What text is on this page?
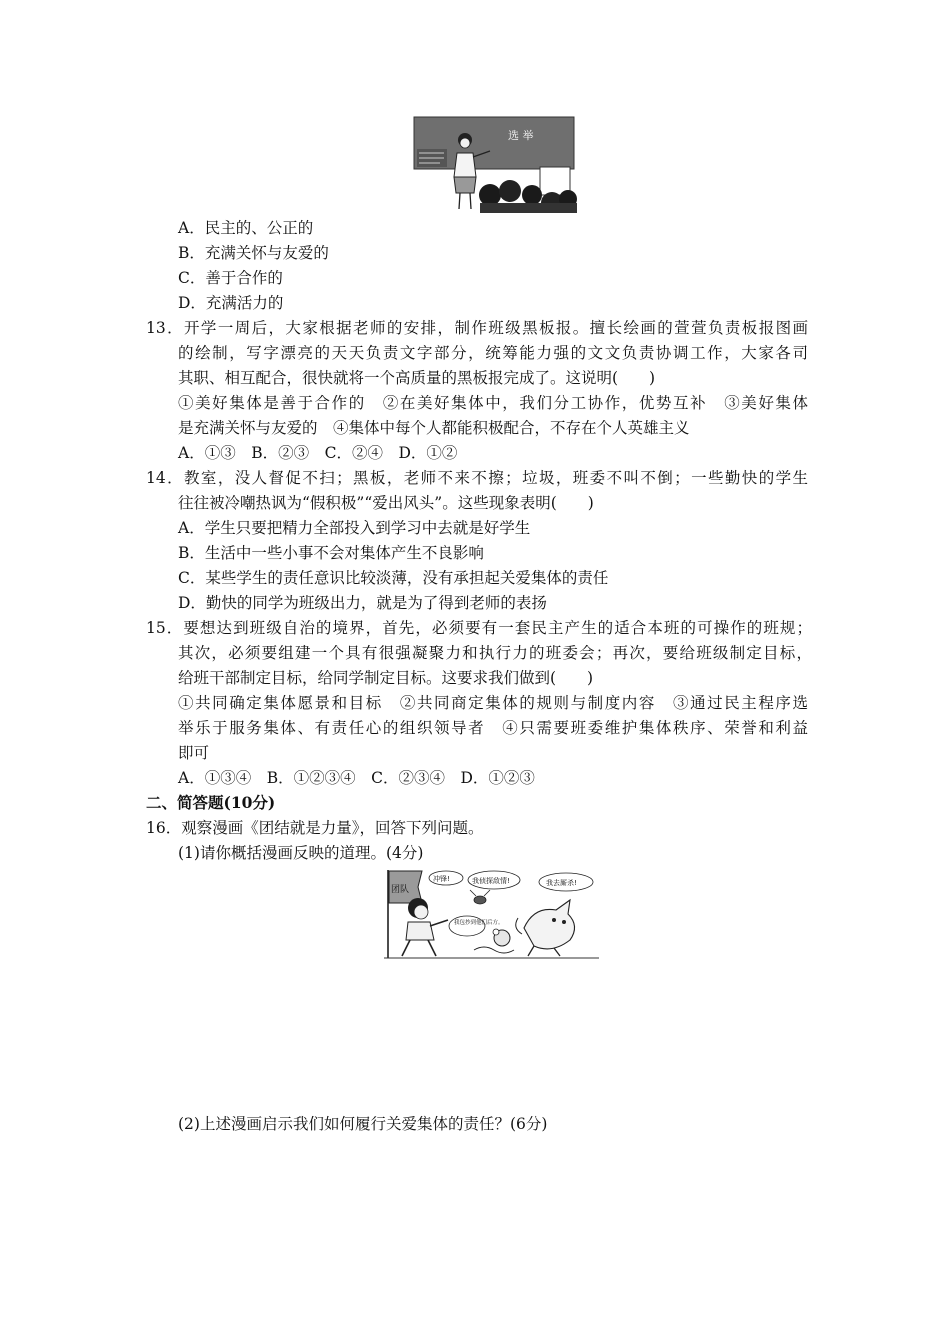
选 举
A．民主的、公正的
B．充满关怀与友爱的
C．善于合作的
D．充满活力的
13．开学一周后，大家根据老师的安排，制作班级黑板报。擅长绘画的萱萱负责板报图画
的绘制，写字漂亮的天天负责文字部分，统筹能力强的文文负责协调工作，大家各司
其职、相互配合，很快就将一个高质量的黑板报完成了。这说明(　　)
①美好集体是善于合作的　②在美好集体中，我们分工协作，优势互补　③美好集体
是充满关怀与友爱的　④集体中每个人都能积极配合，不存在个人英雄主义
A．①③　B．②③　C．②④　D．①②
14．教室，没人督促不扫；黑板，老师不来不擦；垃圾，班委不叫不倒；一些勤快的学生
往往被冷嘲热讽为“假积极”“爱出风头”。这些现象表明(　　)
A．学生只要把精力全部投入到学习中去就是好学生
B．生活中一些小事不会对集体产生不良影响
C．某些学生的责任意识比较淡薄，没有承担起关爱集体的责任
D．勤快的同学为班级出力，就是为了得到老师的表扬
15．要想达到班级自治的境界，首先，必须要有一套民主产生的适合本班的可操作的班规；
其次，必须要组建一个具有很强凝聚力和执行力的班委会；再次，要给班级制定目标，
给班干部制定目标，给同学制定目标。这要求我们做到(　　)
①共同确定集体愿景和目标　②共同商定集体的规则与制度内容　③通过民主程序选
举乐于服务集体、有责任心的组织领导者　④只需要班委维护集体秩序、荣誉和利益
即可
A．①③④　B．①②③④　C．②③④　D．①②③
二、简答题(10分)
16．观察漫画《团结就是力量》，回答下列问题。
(1)请你概括漫画反映的道理。(4分)
团队
冲锋!	我侦探敌情!	我去厮杀!
我包抄到他们后方。
(2)上述漫画启示我们如何履行关爱集体的责任？(6分)
